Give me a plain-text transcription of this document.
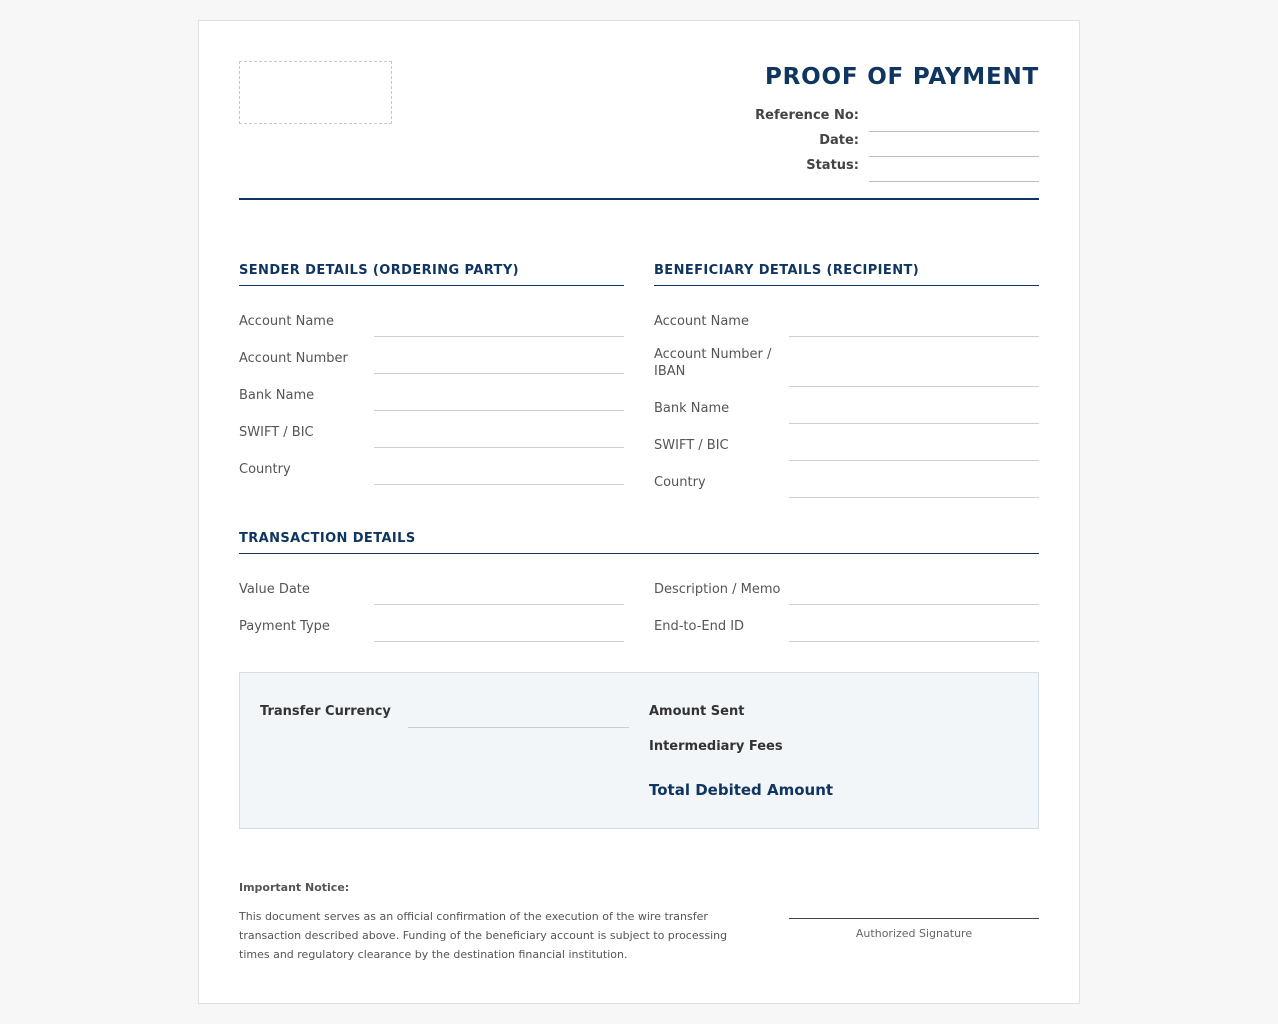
PROOF OF PAYMENT
Reference No:
Date:
Status:
SENDER DETAILS (ORDERING PARTY)
Account Name
Account Number
Bank Name
SWIFT / BIC
Country
BENEFICIARY DETAILS (RECIPIENT)
Account Name
Account Number / IBAN
Bank Name
SWIFT / BIC
Country
TRANSACTION DETAILS
Value Date
Payment Type
Description / Memo
End-to-End ID
Transfer Currency	Amount Sent
Intermediary Fees
Total Debited Amount
Important Notice:
This document serves as an official confirmation of the execution of the wire transfer transaction described above. Funding of the beneficiary account is subject to processing times and regulatory clearance by the destination financial institution.
Authorized Signature
